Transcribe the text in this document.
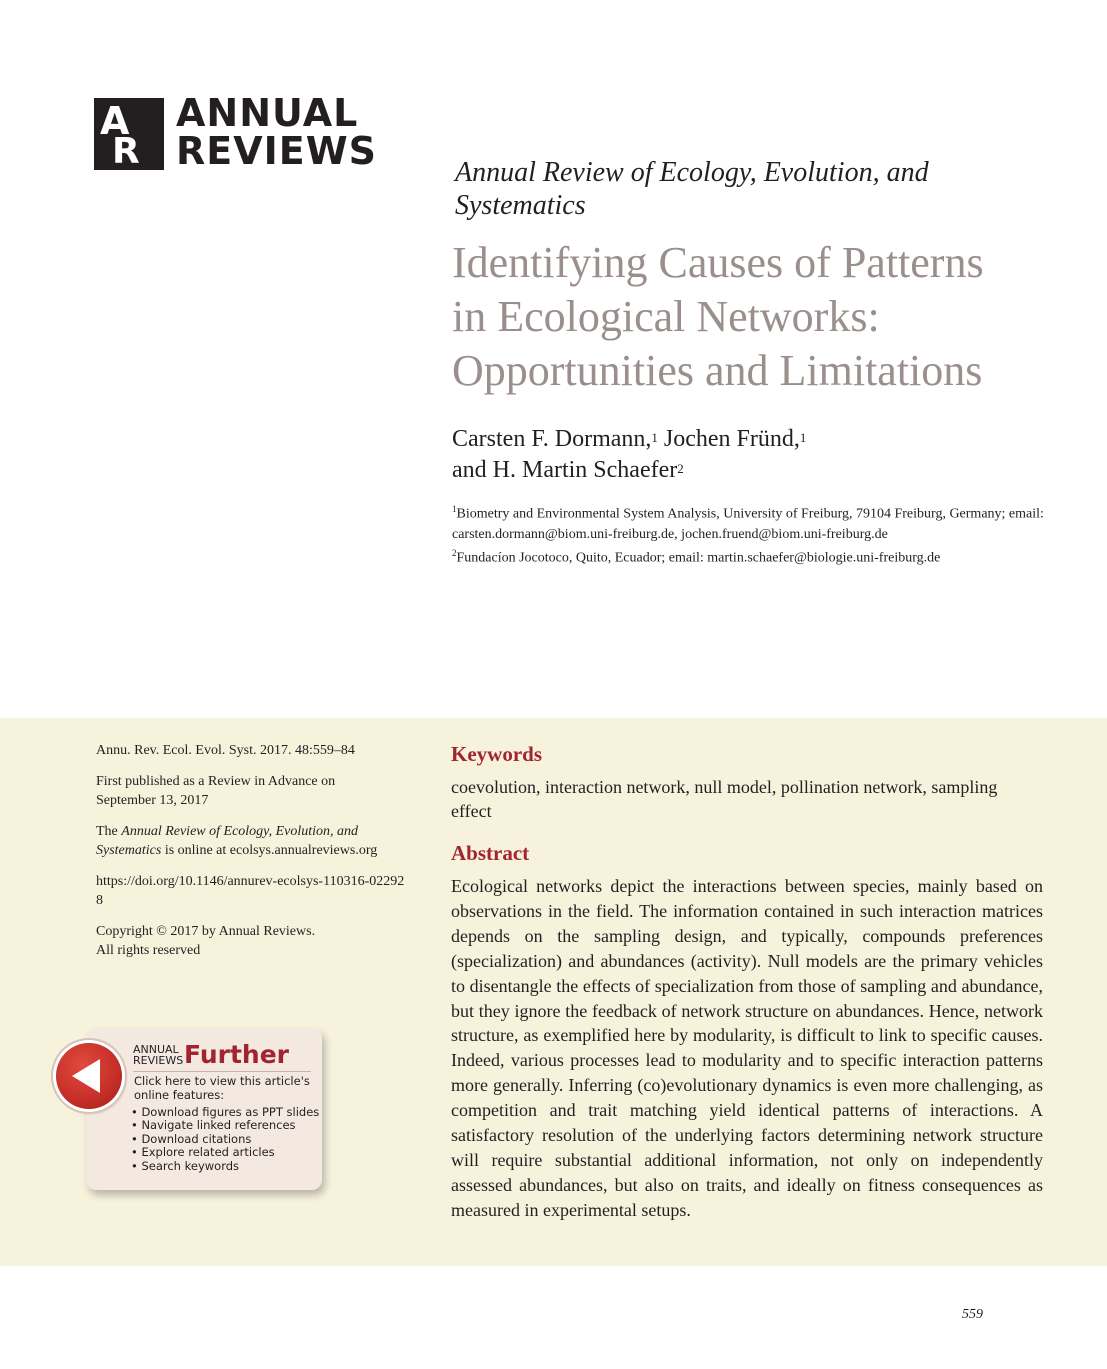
A
R
ANNUAL
REVIEWS	Annual Review of Ecology, Evolution, and
Systematics
Identifying Causes of Patterns
in Ecological Networks:
Opportunities and Limitations
Carsten F. Dormann,$^1$ Jochen Fründ,$^1$
and H. Martin Schaefer$^2$
$^1$Biometry and Environmental System Analysis, University of Freiburg, 79104 Freiburg, Germany; email: carsten.dormann@biom.uni-freiburg.de, jochen.fruend@biom.uni-freiburg.de
$^2$Fundacíon Jocotoco, Quito, Ecuador; email: martin.schaefer@biologie.uni-freiburg.de

Annu. Rev. Ecol. Evol. Syst. 2017. 48:559–84

First published as a Review in Advance on September 13, 2017

The Annual Review of Ecology, Evolution, and Systematics is online at ecolsys.annualreviews.org

https://doi.org/10.1146/annurev-ecolsys-110316-022928

Copyright © 2017 by Annual Reviews.
All rights reserved

ANNUAL
REVIEWS Further
Click here to view this article's online features:
• Download figures as PPT slides
• Navigate linked references
• Download citations
• Explore related articles
• Search keywords
Keywords
coevolution, interaction network, null model, pollination network, sampling effect
Abstract
Ecological networks depict the interactions between species, mainly based on observations in the field. The information contained in such interaction matrices depends on the sampling design, and typically, compounds preferences (specialization) and abundances (activity). Null models are the primary vehicles to disentangle the effects of specialization from those of sampling and abundance, but they ignore the feedback of network structure on abundances. Hence, network structure, as exemplified here by modularity, is difficult to link to specific causes. Indeed, various processes lead to modularity and to specific interaction patterns more generally. Inferring (co)evolutionary dynamics is even more challenging, as competition and trait matching yield identical patterns of interactions. A satisfactory resolution of the underlying factors determining network structure will require substantial additional information, not only on independently assessed abundances, but also on traits, and ideally on fitness consequences as measured in experimental setups.
559
